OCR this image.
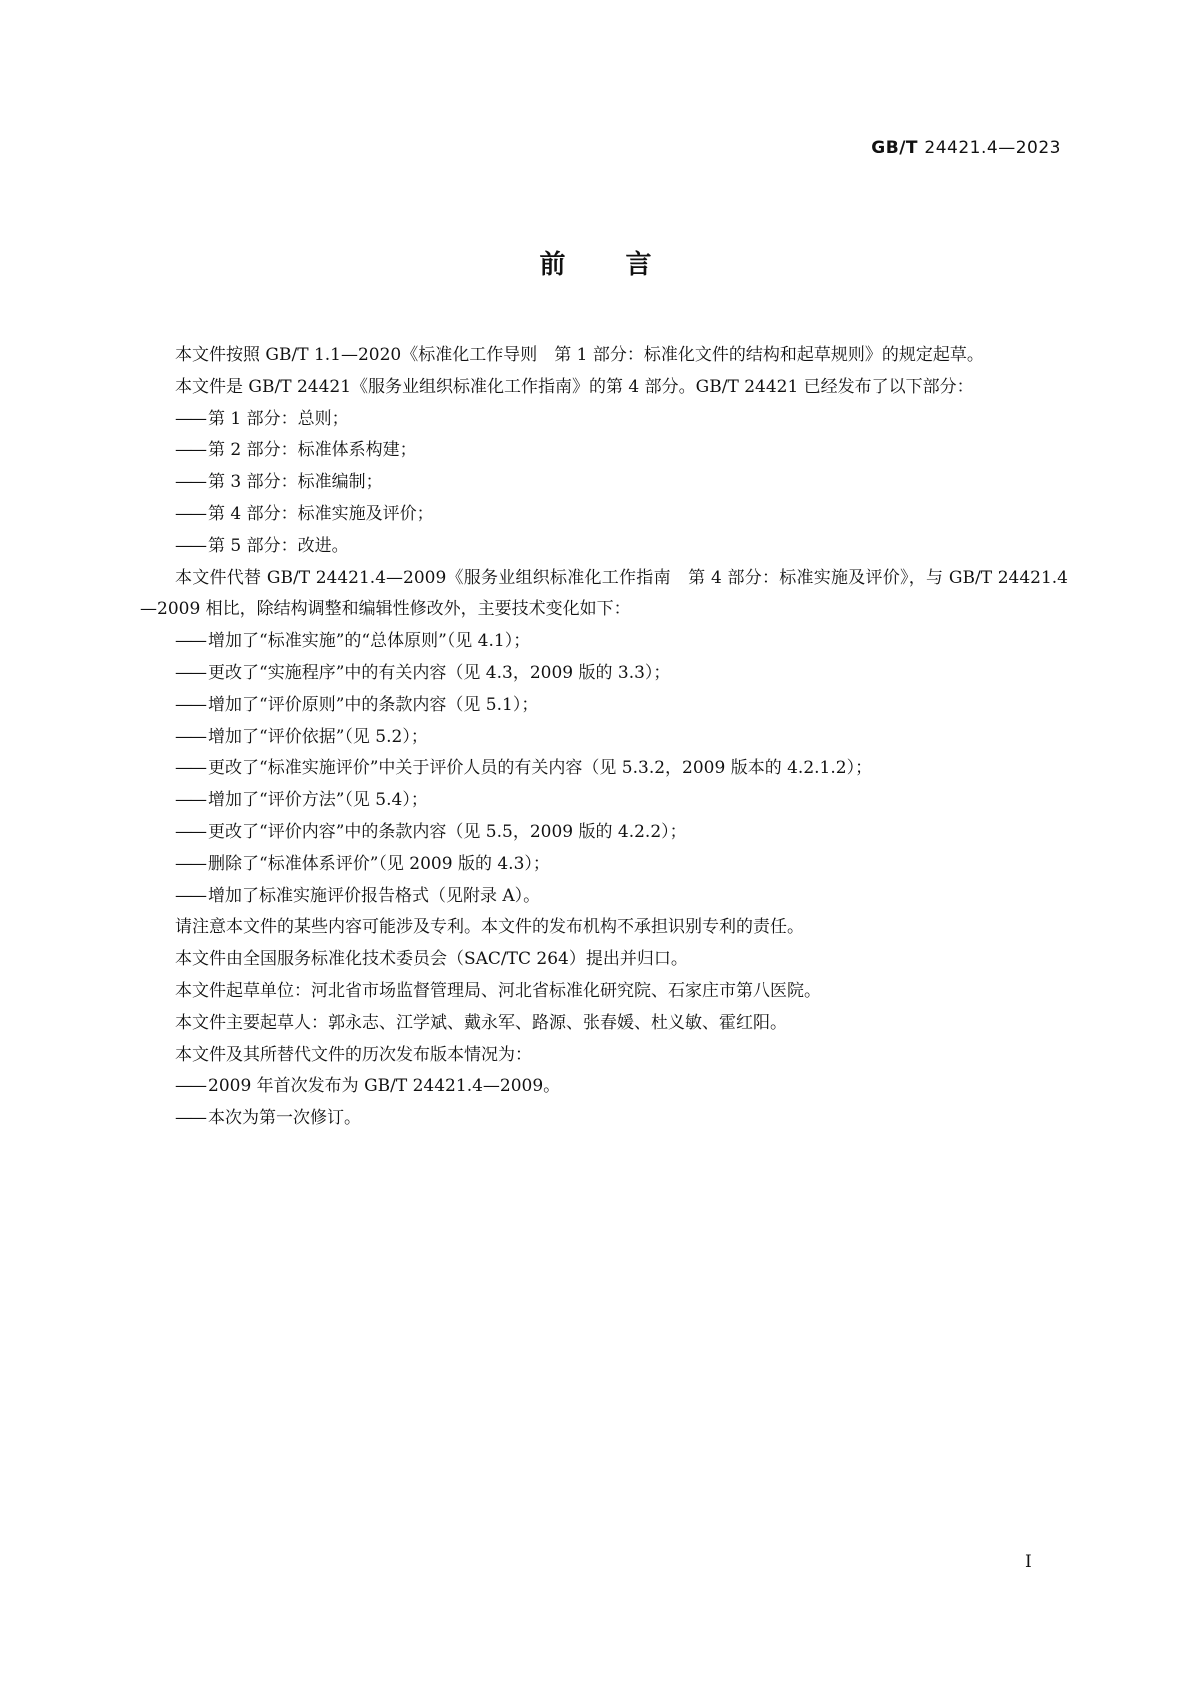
GB/T 24421.4—2023
前言

本文件按照 GB/T 1.1—2020《标准化工作导则　第 1 部分：标准化文件的结构和起草规则》的规定起草。

本文件是 GB/T 24421《服务业组织标准化工作指南》的第 4 部分。GB/T 24421 已经发布了以下部分：

—— 第 1 部分：总则；

—— 第 2 部分：标准体系构建；

—— 第 3 部分：标准编制；

—— 第 4 部分：标准实施及评价；

—— 第 5 部分：改进。

本文件代替 GB/T 24421.4—2009《服务业组织标准化工作指南　第 4 部分：标准实施及评价》，与 GB/T 24421.4—2009 相比，除结构调整和编辑性修改外，主要技术变化如下：

—— 增加了“标准实施”的“总体原则”（见 4.1）；

—— 更改了“实施程序”中的有关内容（见 4.3，2009 版的 3.3）；

—— 增加了“评价原则”中的条款内容（见 5.1）；

—— 增加了“评价依据”（见 5.2）；

—— 更改了“标准实施评价”中关于评价人员的有关内容（见 5.3.2，2009 版本的 4.2.1.2）；

—— 增加了“评价方法”（见 5.4）；

—— 更改了“评价内容”中的条款内容（见 5.5，2009 版的 4.2.2）；

—— 删除了“标准体系评价”（见 2009 版的 4.3）；

—— 增加了标准实施评价报告格式（见附录 A）。

请注意本文件的某些内容可能涉及专利。本文件的发布机构不承担识别专利的责任。

本文件由全国服务标准化技术委员会（SAC/TC 264）提出并归口。

本文件起草单位：河北省市场监督管理局、河北省标准化研究院、石家庄市第八医院。

本文件主要起草人：郭永志、江学斌、戴永军、路源、张春媛、杜义敏、霍红阳。

本文件及其所替代文件的历次发布版本情况为：

—— 2009 年首次发布为 GB/T 24421.4—2009。

—— 本次为第一次修订。

I
